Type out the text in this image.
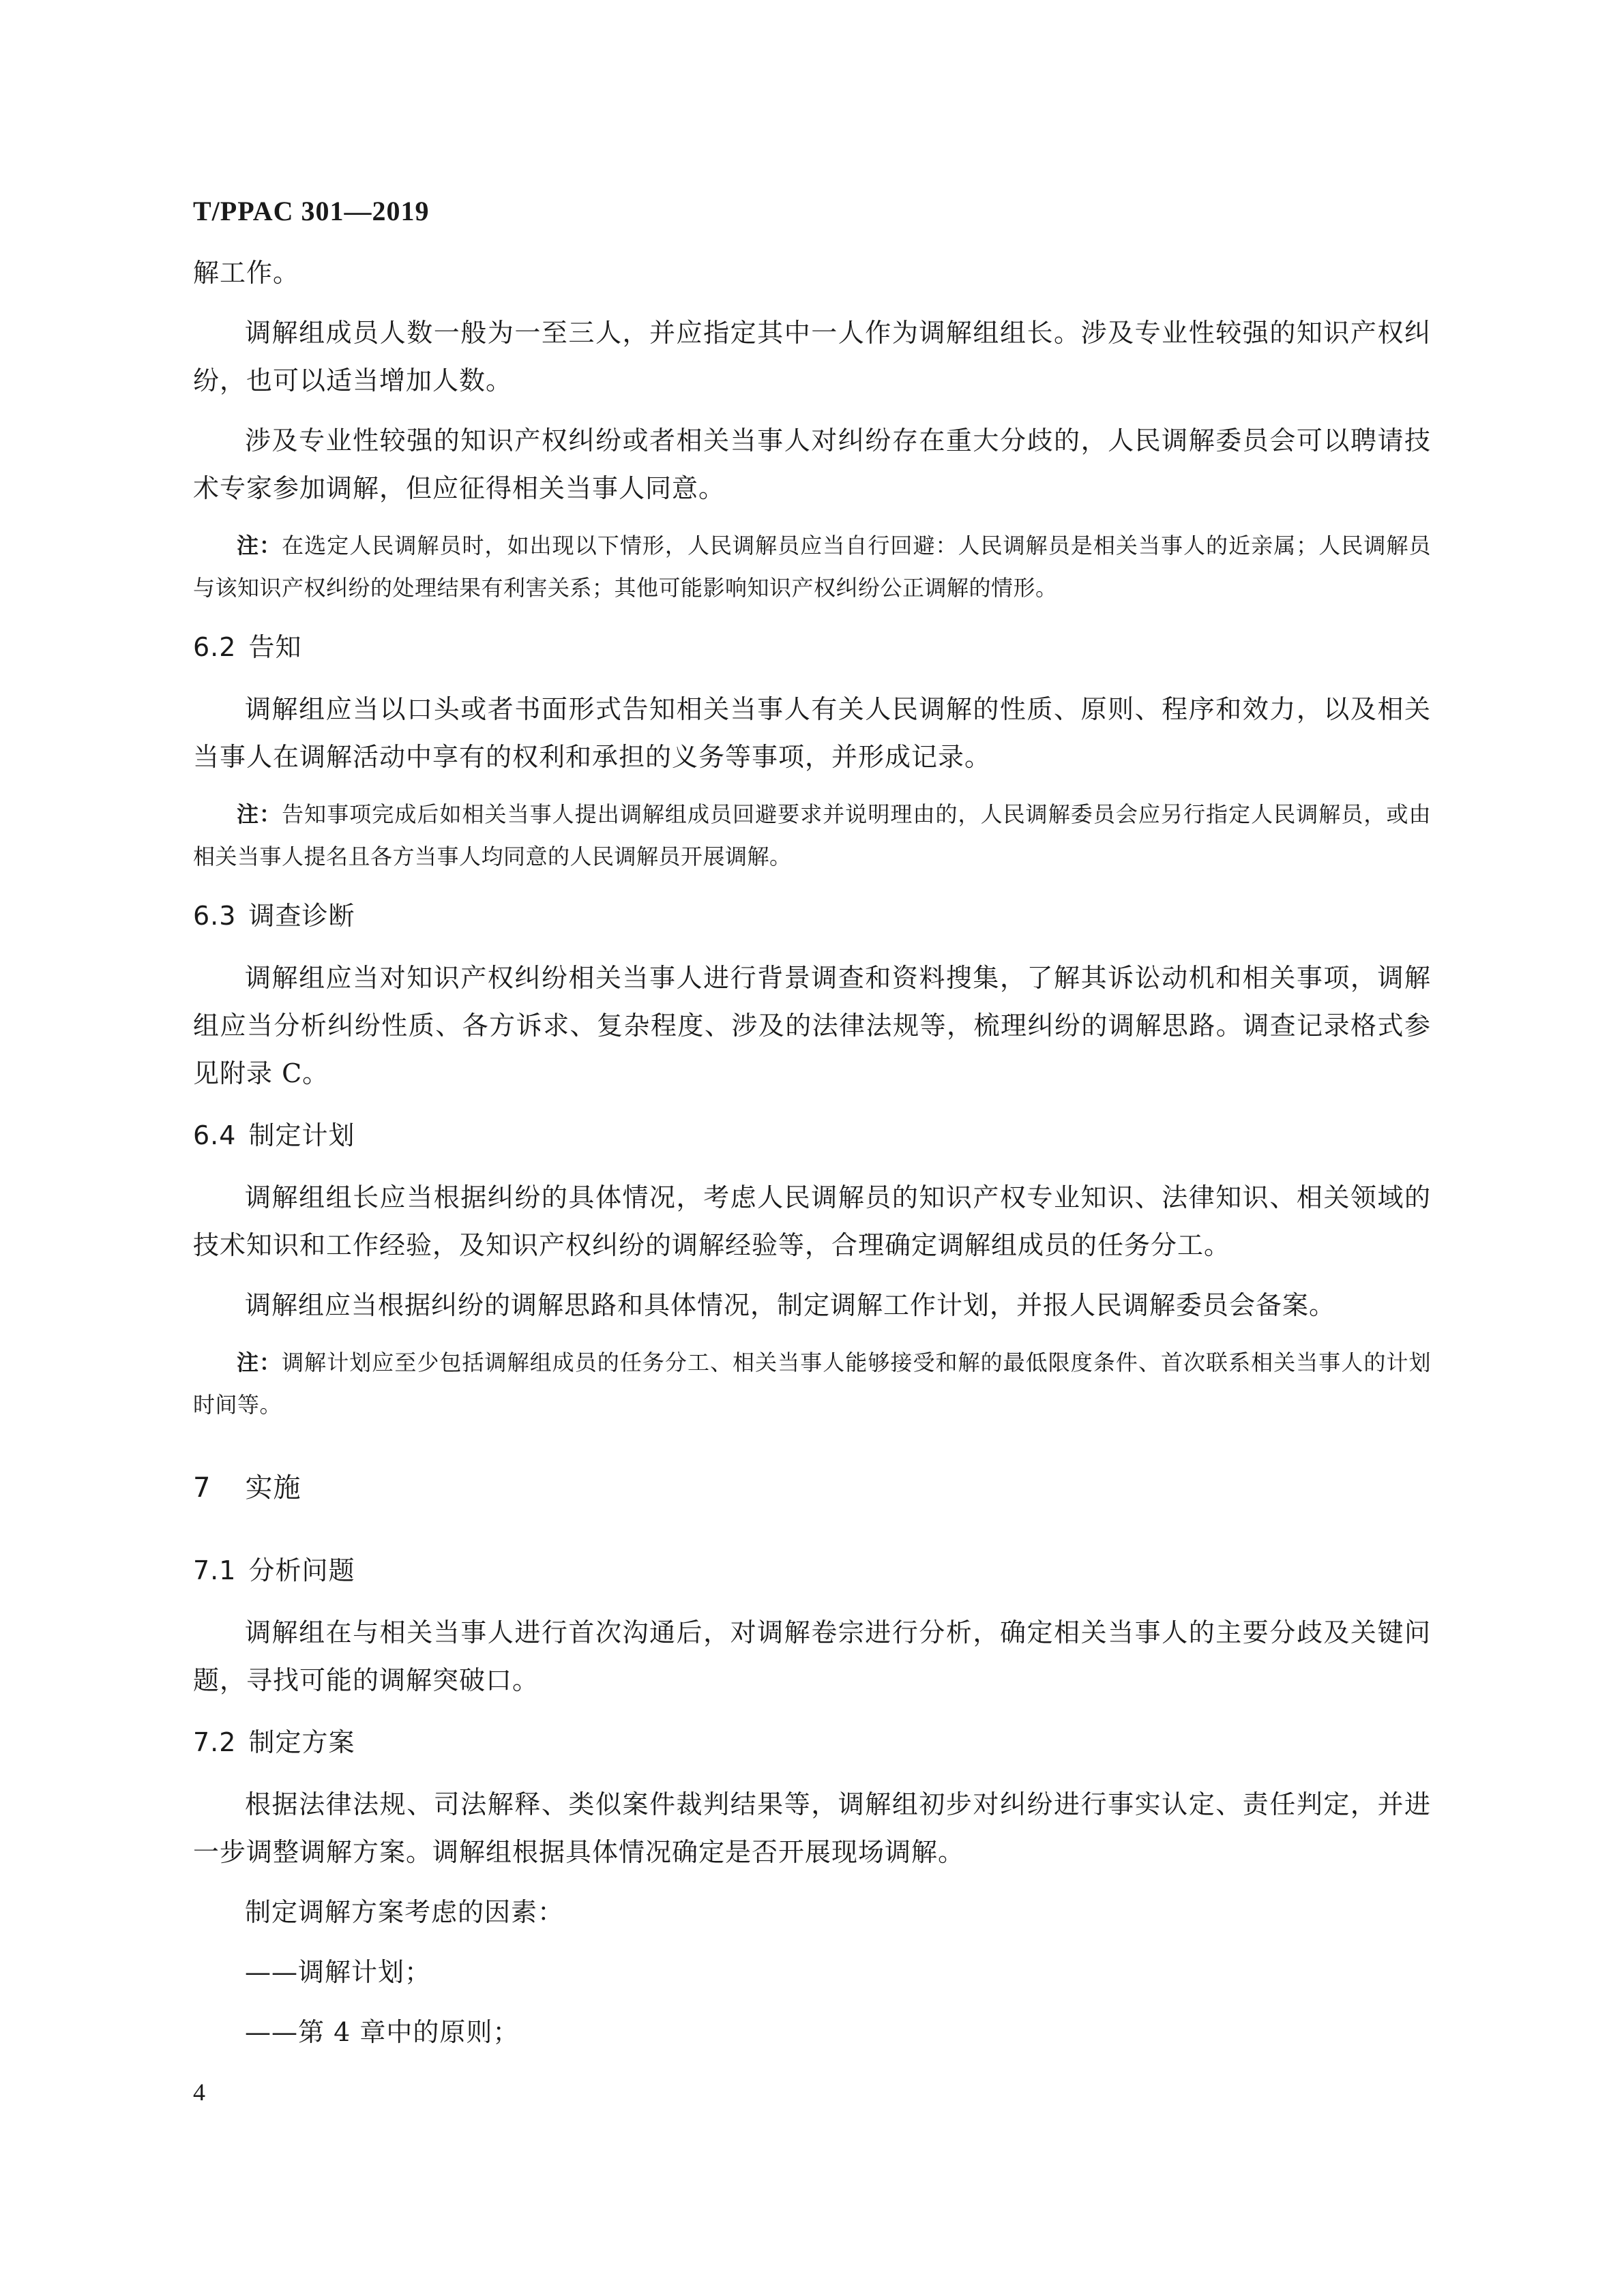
T/PPAC 301—2019

解工作。

调解组成员人数一般为一至三人，并应指定其中一人作为调解组组长。涉及专业性较强的知识产权纠纷，也可以适当增加人数。

涉及专业性较强的知识产权纠纷或者相关当事人对纠纷存在重大分歧的，人民调解委员会可以聘请技术专家参加调解，但应征得相关当事人同意。

注：在选定人民调解员时，如出现以下情形，人民调解员应当自行回避：人民调解员是相关当事人的近亲属；人民调解员与该知识产权纠纷的处理结果有利害关系；其他可能影响知识产权纠纷公正调解的情形。

6.2 告知

调解组应当以口头或者书面形式告知相关当事人有关人民调解的性质、原则、程序和效力，以及相关当事人在调解活动中享有的权利和承担的义务等事项，并形成记录。

注：告知事项完成后如相关当事人提出调解组成员回避要求并说明理由的，人民调解委员会应另行指定人民调解员，或由相关当事人提名且各方当事人均同意的人民调解员开展调解。

6.3 调查诊断

调解组应当对知识产权纠纷相关当事人进行背景调查和资料搜集，了解其诉讼动机和相关事项，调解组应当分析纠纷性质、各方诉求、复杂程度、涉及的法律法规等，梳理纠纷的调解思路。调查记录格式参见附录 C。

6.4 制定计划

调解组组长应当根据纠纷的具体情况，考虑人民调解员的知识产权专业知识、法律知识、相关领域的技术知识和工作经验，及知识产权纠纷的调解经验等，合理确定调解组成员的任务分工。

调解组应当根据纠纷的调解思路和具体情况，制定调解工作计划，并报人民调解委员会备案。

注：调解计划应至少包括调解组成员的任务分工、相关当事人能够接受和解的最低限度条件、首次联系相关当事人的计划时间等。

7 实施
7.1 分析问题

调解组在与相关当事人进行首次沟通后，对调解卷宗进行分析，确定相关当事人的主要分歧及关键问题，寻找可能的调解突破口。

7.2 制定方案

根据法律法规、司法解释、类似案件裁判结果等，调解组初步对纠纷进行事实认定、责任判定，并进一步调整调解方案。调解组根据具体情况确定是否开展现场调解。

制定调解方案考虑的因素：

——调解计划；

——第 4 章中的原则；

4
